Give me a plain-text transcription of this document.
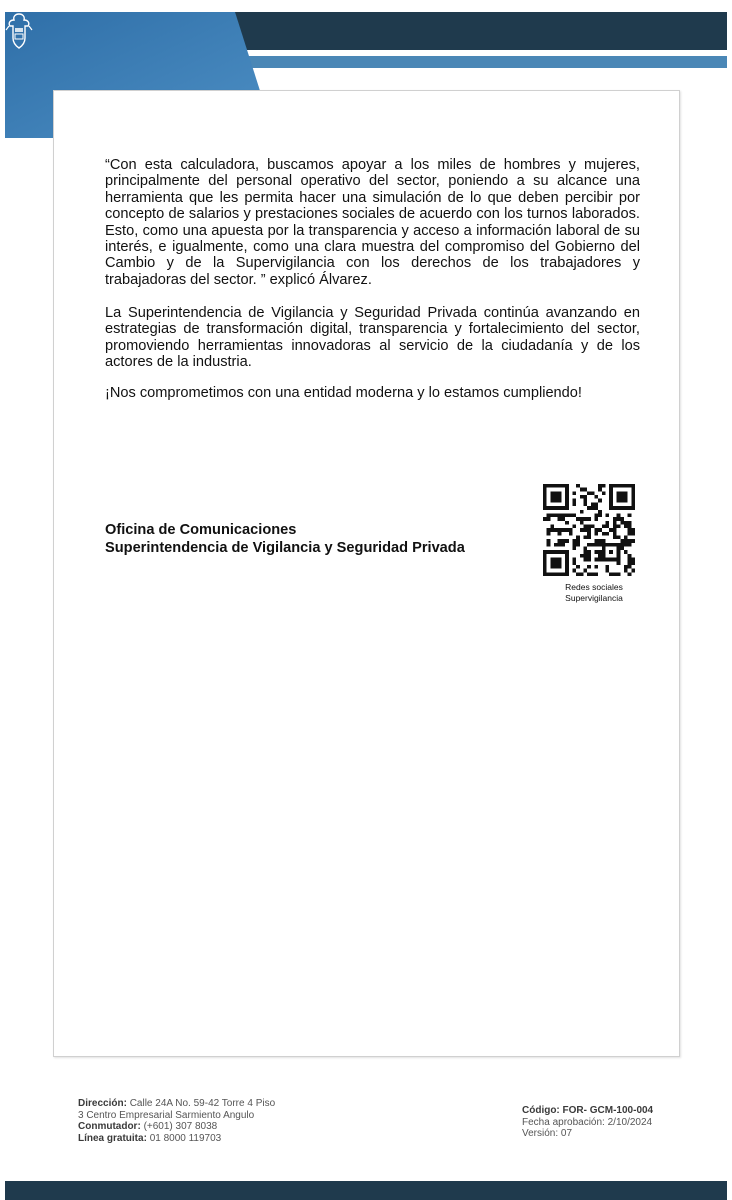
“Con esta calculadora, buscamos apoyar a los miles de hombres y mujeres, principalmente del personal operativo del sector, poniendo a su alcance una herramienta que les permita hacer una simulación de lo que deben percibir por concepto de salarios y prestaciones sociales de acuerdo con los turnos laborados. Esto, como una apuesta por la transparencia y acceso a información laboral de su interés, e igualmente, como una clara muestra del compromiso del Gobierno del Cambio y de la Supervigilancia con los derechos de los trabajadores y trabajadoras del sector. ” explicó Álvarez.

La Superintendencia de Vigilancia y Seguridad Privada continúa avanzando en estrategias de transformación digital, transparencia y fortalecimiento del sector, promoviendo herramientas innovadoras al servicio de la ciudadanía y de los actores de la industria.

¡Nos comprometimos con una entidad moderna y lo estamos cumpliendo!

Oficina de Comunicaciones
Superintendencia de Vigilancia y Seguridad Privada
Redes sociales
Supervigilancia
Dirección: Calle 24A No. 59-42 Torre 4 Piso
3 Centro Empresarial Sarmiento Angulo
Conmutador: (+601) 307 8038
Línea gratuita: 01 8000 119703
Código: FOR- GCM-100-004
Fecha aprobación: 2/10/2024
Versión: 07
